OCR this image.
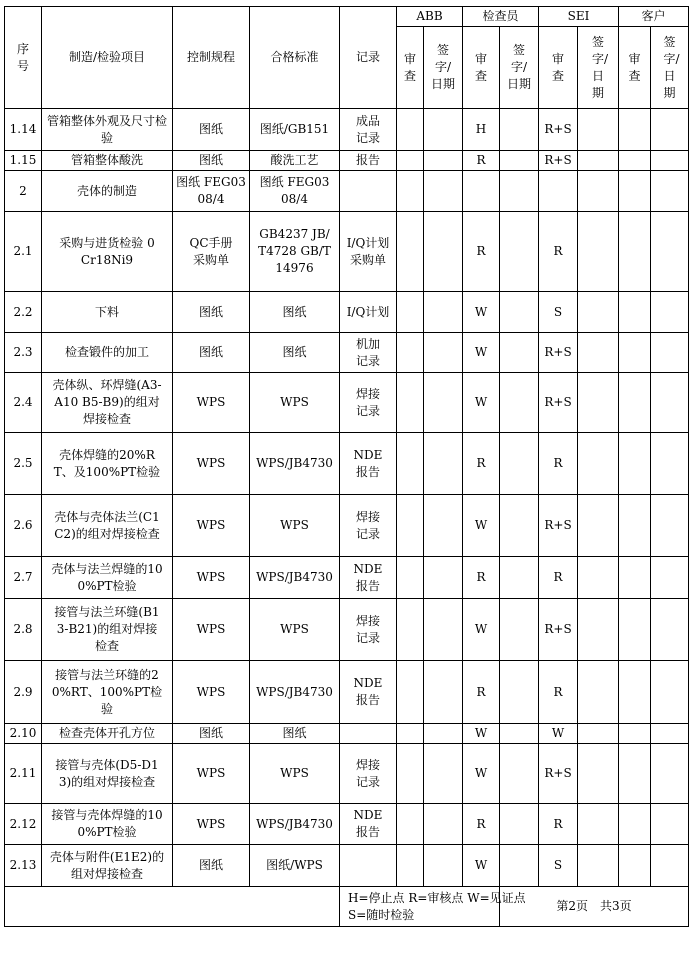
序号	制造/检验项目	控制规程	合格标准	记录	ABB		检查员		SEI		客户	

					审查	签字/日期	审查	签字/日期	审查	签字/日期	审查	签字/日期

1.14	管箱整体外观及尺寸检验	图纸	图纸/GB151	成品记录			H		R+S			
1.15	管箱整体酸洗	图纸	酸洗工艺	报告			R		R+S			
2	壳体的制造	图纸 FEG0308/4	图纸 FEG0308/4									

2.1	采购与进货检验 0Cr18Ni9	QC手册 采购单	GB4237 JB/T4728 GB/T14976	I/Q计划 采购单			R		R			
2.2	下料	图纸	图纸	I/Q计划			W		S			
2.3	检查锻件的加工	图纸	图纸	机加记录			W		R+S			
2.4	壳体纵、环焊缝(A3-A10 B5-B9)的组对焊接检查	WPS	WPS	焊接记录			W		R+S			
2.5	壳体焊缝的20%RT、及100%PT检验	WPS	WPS/JB4730	NDE报告			R		R			
2.6	壳体与壳体法兰(C1C2)的组对焊接检查	WPS	WPS	焊接记录			W		R+S			
2.7	壳体与法兰焊缝的100%PT检验	WPS	WPS/JB4730	NDE报告			R		R			
2.8	接管与法兰环缝(B13-B21)的组对焊接检查	WPS	WPS	焊接记录			W		R+S			
2.9	接管与法兰环缝的20%RT、100%PT检验	WPS	WPS/JB4730	NDE报告			R		R			
2.10	检查壳体开孔方位	图纸	图纸				W		W			
2.11	接管与壳体(D5-D13)的组对焊接检查	WPS	WPS	焊接记录			W		R+S			
2.12	接管与壳体焊缝的100%PT检验	WPS	WPS/JB4730	NDE报告			R		R			
2.13	壳体与附件(E1E2)的组对焊接检查	图纸	图纸/WPS				W		S			

				H=停止点 R=审核点 W=见证点 S=随时检验				第2页　共3页				
